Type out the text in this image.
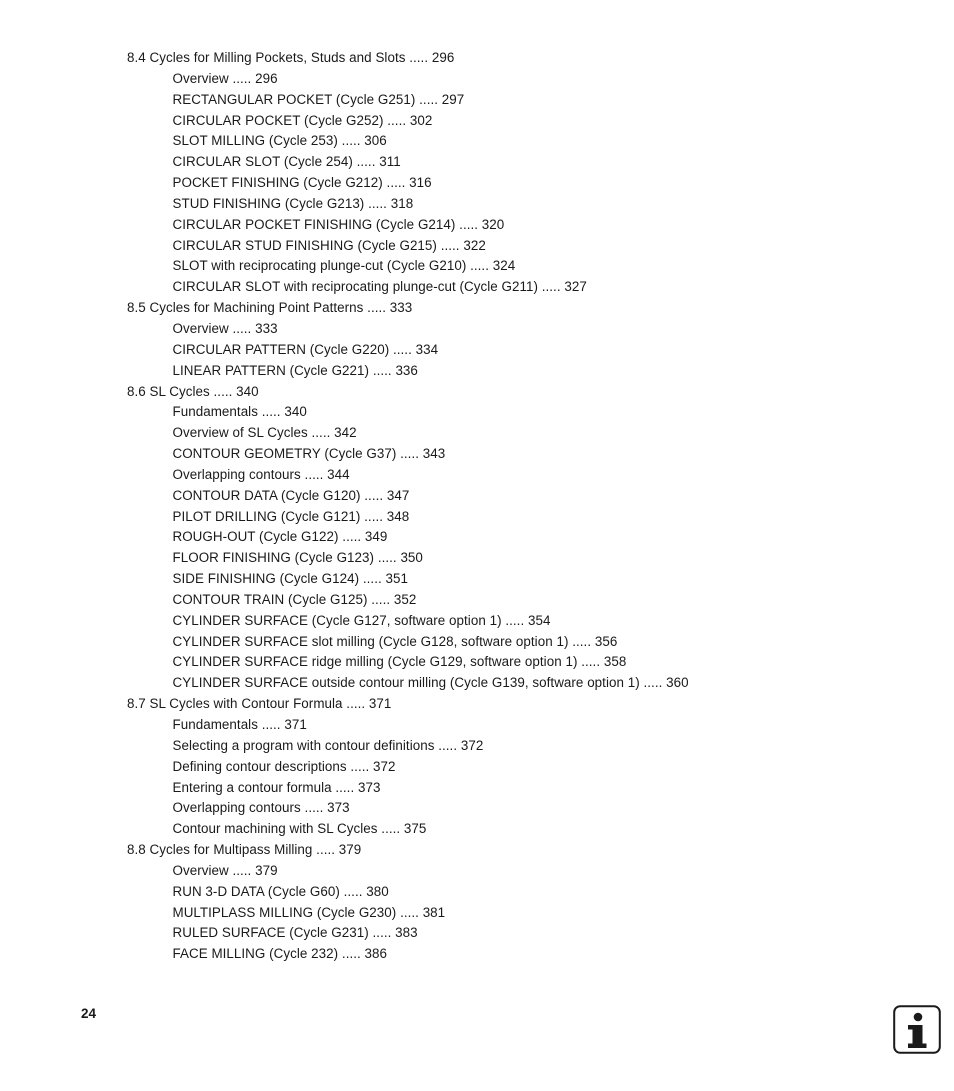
8.4 Cycles for Milling Pockets, Studs and Slots ..... 296
Overview ..... 296
RECTANGULAR POCKET (Cycle G251) ..... 297
CIRCULAR POCKET (Cycle G252) ..... 302
SLOT MILLING (Cycle 253) ..... 306
CIRCULAR SLOT (Cycle 254) ..... 311
POCKET FINISHING (Cycle G212) ..... 316
STUD FINISHING (Cycle G213) ..... 318
CIRCULAR POCKET FINISHING (Cycle G214) ..... 320
CIRCULAR STUD FINISHING (Cycle G215) ..... 322
SLOT with reciprocating plunge-cut (Cycle G210) ..... 324
CIRCULAR SLOT with reciprocating plunge-cut (Cycle G211) ..... 327
8.5 Cycles for Machining Point Patterns ..... 333
Overview ..... 333
CIRCULAR PATTERN (Cycle G220) ..... 334
LINEAR PATTERN (Cycle G221) ..... 336
8.6 SL Cycles ..... 340
Fundamentals ..... 340
Overview of SL Cycles ..... 342
CONTOUR GEOMETRY (Cycle G37) ..... 343
Overlapping contours ..... 344
CONTOUR DATA (Cycle G120) ..... 347
PILOT DRILLING (Cycle G121) ..... 348
ROUGH-OUT (Cycle G122) ..... 349
FLOOR FINISHING (Cycle G123) ..... 350
SIDE FINISHING (Cycle G124) ..... 351
CONTOUR TRAIN (Cycle G125) ..... 352
CYLINDER SURFACE (Cycle G127, software option 1) ..... 354
CYLINDER SURFACE slot milling (Cycle G128, software option 1) ..... 356
CYLINDER SURFACE ridge milling (Cycle G129, software option 1) ..... 358
CYLINDER SURFACE outside contour milling (Cycle G139, software option 1) ..... 360
8.7 SL Cycles with Contour Formula ..... 371
Fundamentals ..... 371
Selecting a program with contour definitions ..... 372
Defining contour descriptions ..... 372
Entering a contour formula ..... 373
Overlapping contours ..... 373
Contour machining with SL Cycles ..... 375
8.8 Cycles for Multipass Milling ..... 379
Overview ..... 379
RUN 3-D DATA (Cycle G60) ..... 380
MULTIPLASS MILLING (Cycle G230) ..... 381
RULED SURFACE (Cycle G231) ..... 383
FACE MILLING (Cycle 232) ..... 386
24
